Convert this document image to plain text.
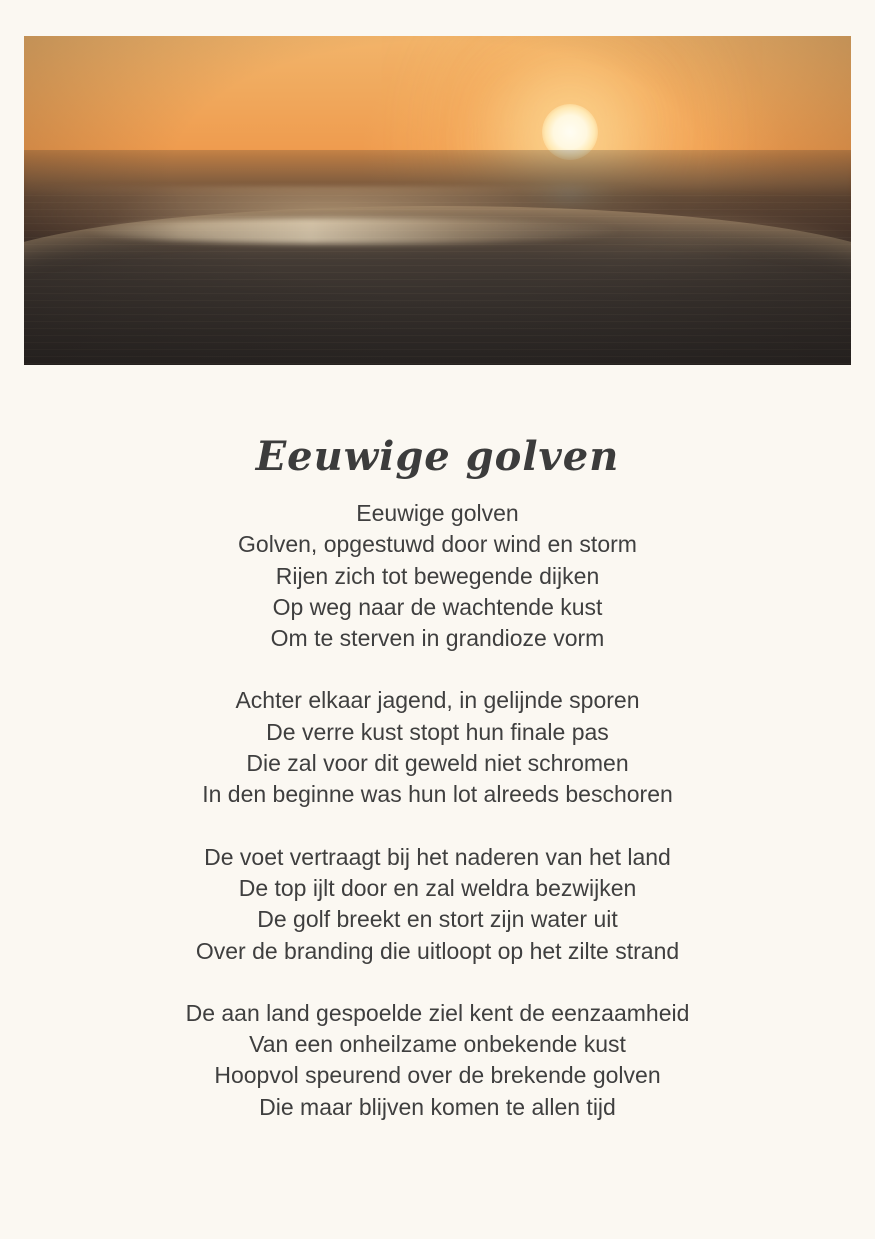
Eeuwige golven

Eeuwige golven
Golven, opgestuwd door wind en storm
Rijen zich tot bewegende dijken
Op weg naar de wachtende kust
Om te sterven in grandioze vorm

Achter elkaar jagend, in gelijnde sporen
De verre kust stopt hun finale pas
Die zal voor dit geweld niet schromen
In den beginne was hun lot alreeds beschoren

De voet vertraagt bij het naderen van het land
De top ijlt door en zal weldra bezwijken
De golf breekt en stort zijn water uit
Over de branding die uitloopt op het zilte strand

De aan land gespoelde ziel kent de eenzaamheid
Van een onheilzame onbekende kust
Hoopvol speurend over de brekende golven
Die maar blijven komen te allen tijd
